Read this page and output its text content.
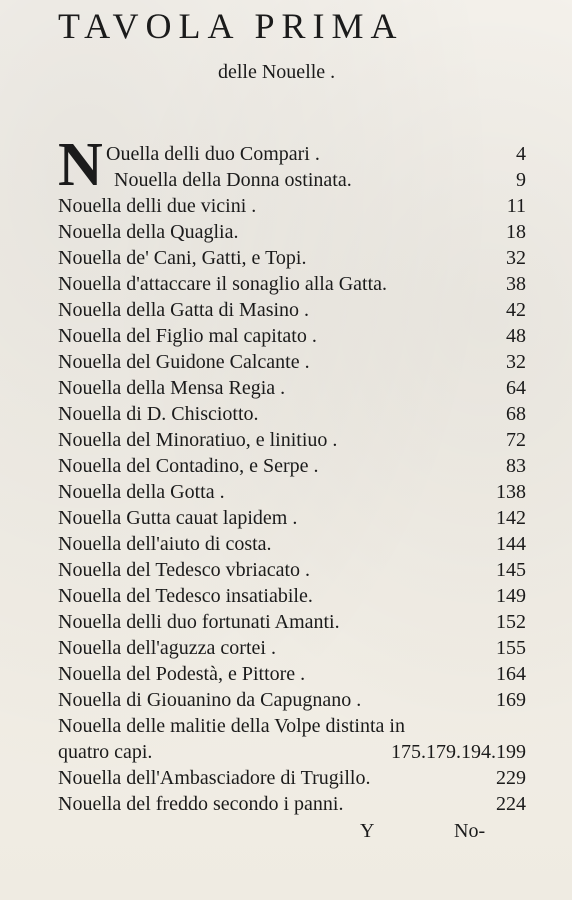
TAVOLA PRIMA
delle Nouelle .
N Ouella delli duo Compari .	4
Nouella della Donna ostinata.	9
Nouella delli due vicini .	11
Nouella della Quaglia.	18
Nouella de' Cani, Gatti, e Topi.	32
Nouella d'attaccare il sonaglio alla Gatta.	38
Nouella della Gatta di Masino .	42
Nouella del Figlio mal capitato .	48
Nouella del Guidone Calcante .	32
Nouella della Mensa Regia .	64
Nouella di D. Chisciotto.	68
Nouella del Minoratiuo, e linitiuo .	72
Nouella del Contadino, e Serpe .	83
Nouella della Gotta .	138
Nouella Gutta cauat lapidem .	142
Nouella dell'aiuto di costa.	144
Nouella del Tedesco vbriacato .	145
Nouella del Tedesco insatiabile.	149
Nouella delli duo fortunati Amanti.	152
Nouella dell'aguzza cortei .	155
Nouella del Podestà, e Pittore .	164
Nouella di Giouanino da Capugnano .	169
Nouella delle malitie della Volpe distinta in
quatro capi.	175.179.194.199
Nouella dell'Ambasciadore di Trugillo.	229
Nouella del freddo secondo i panni.	224
Y	No-
